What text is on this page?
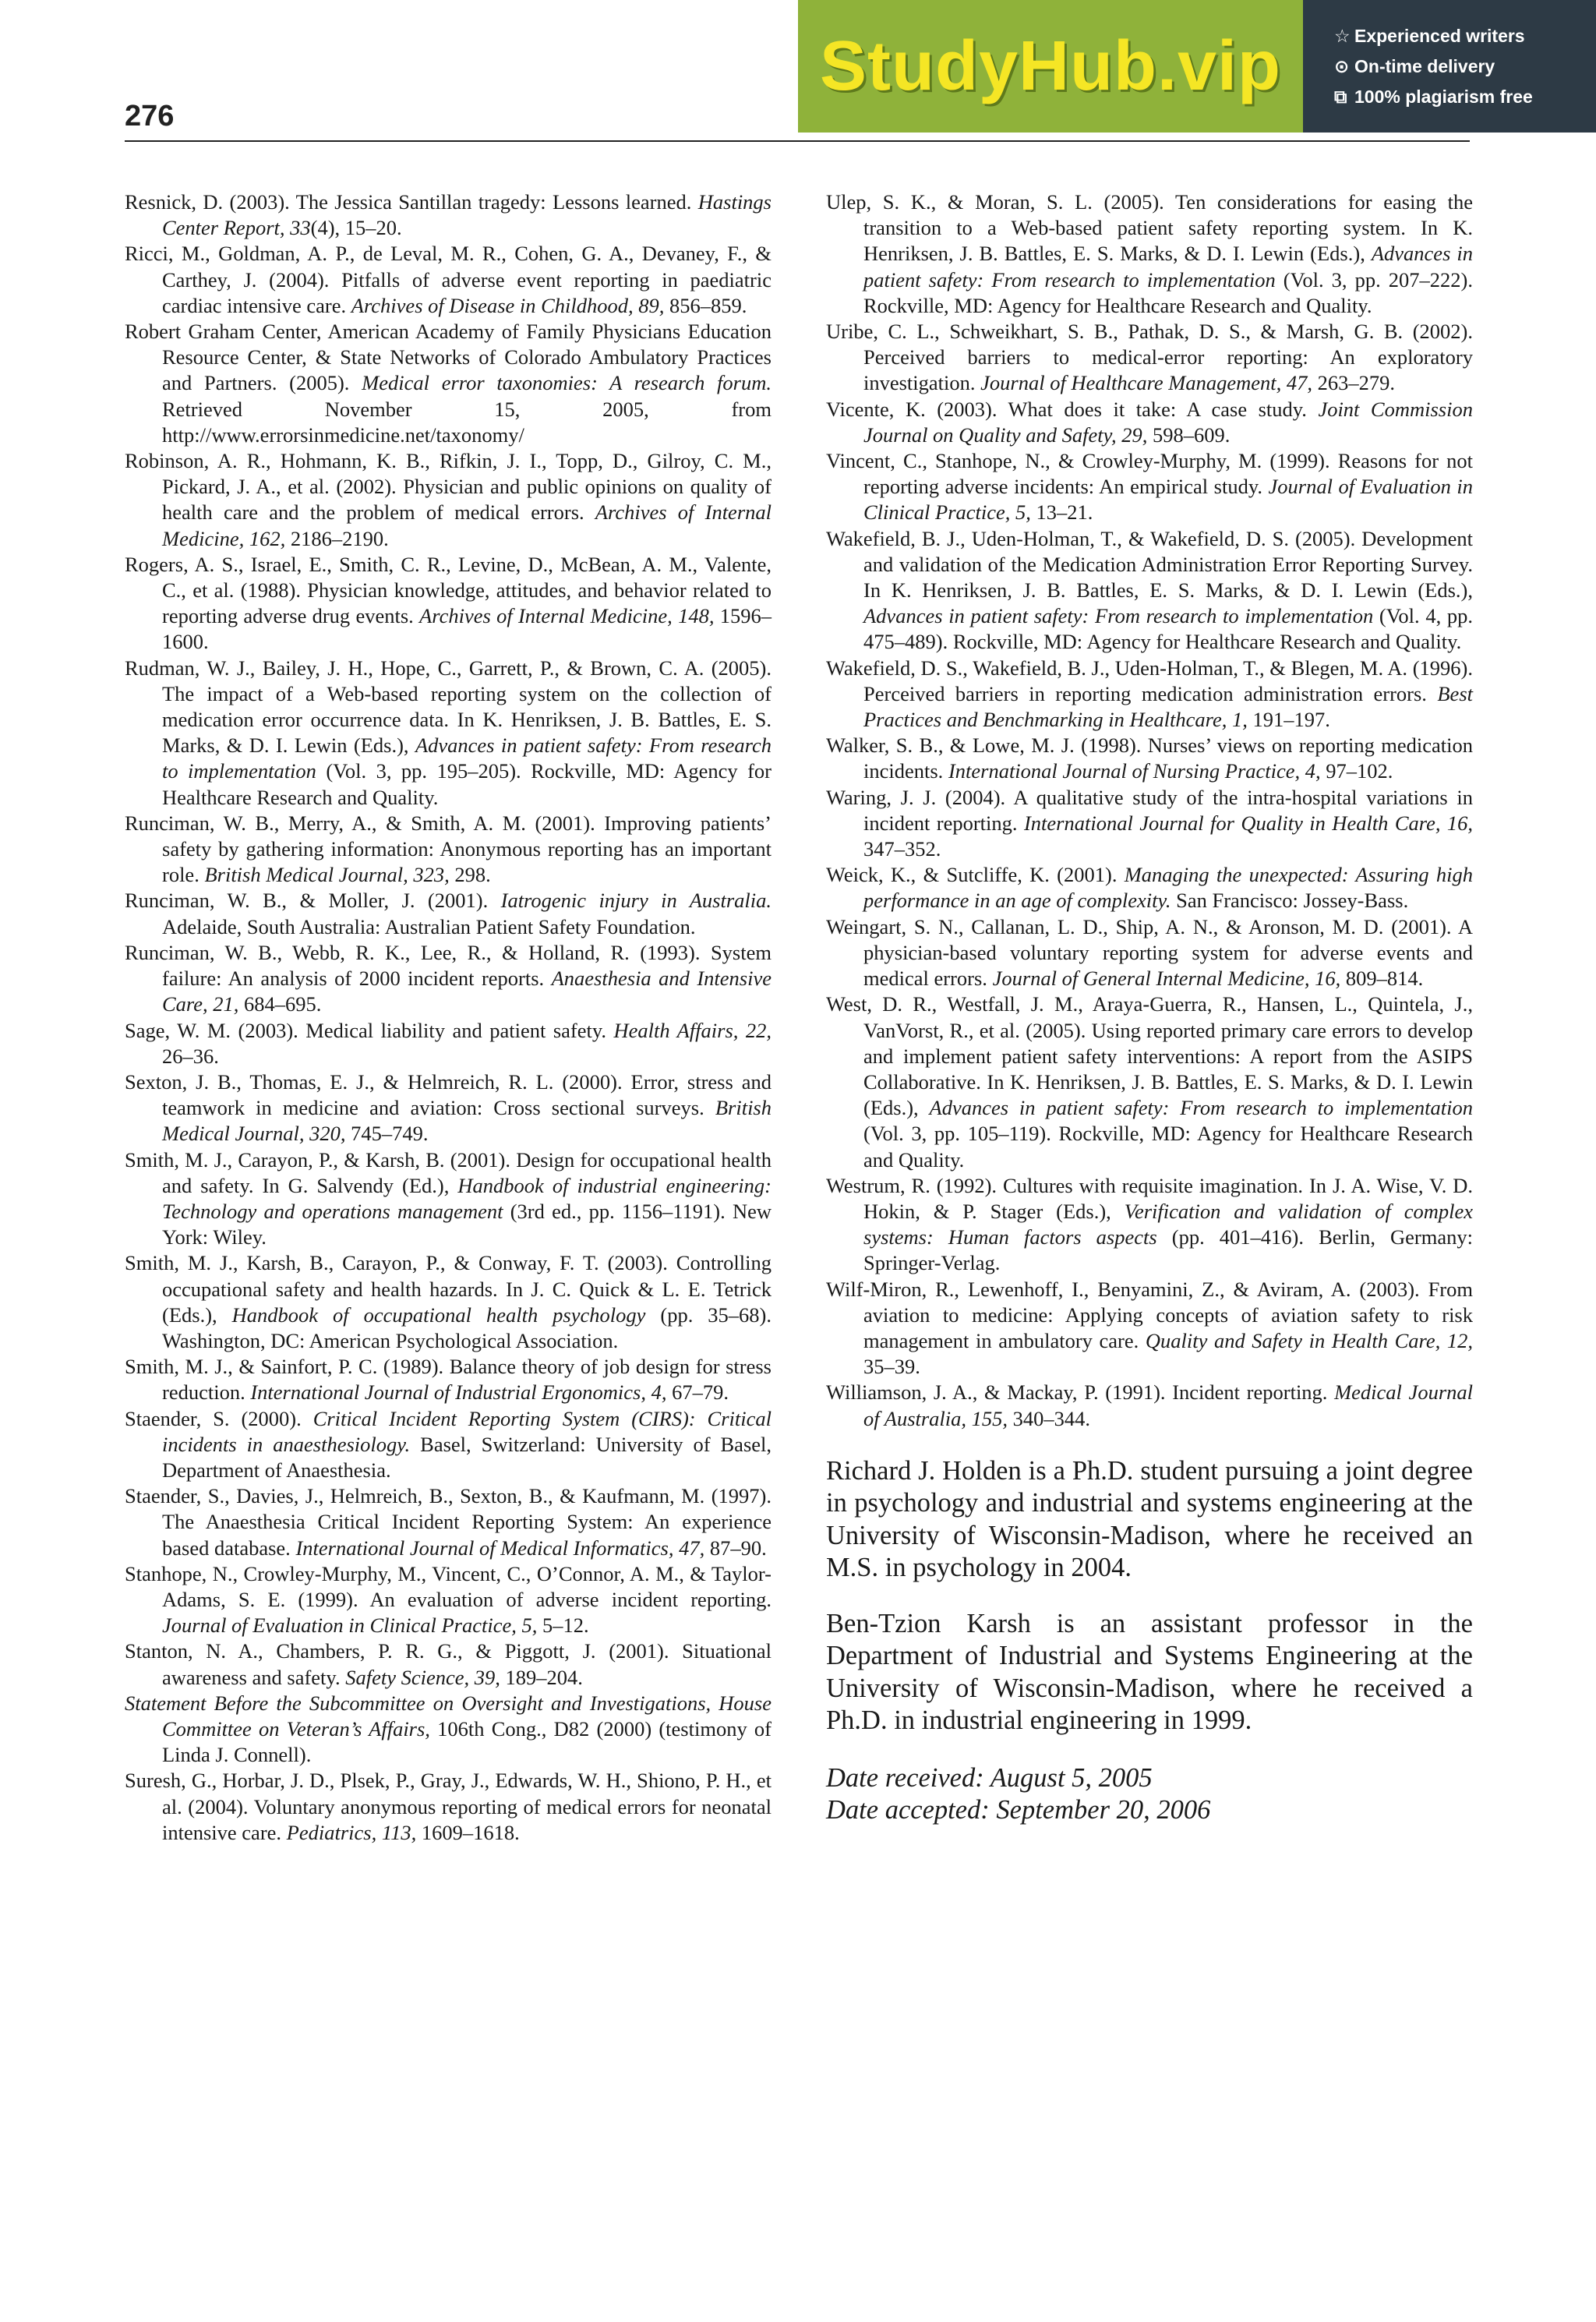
276
StudyHub.vip	☆ Experienced writers
⊙ On-time delivery
⧉ 100% plagiarism free

Resnick, D. (2003). The Jessica Santillan tragedy: Lessons learned. Hastings Center Report, 33(4), 15–20.

Ricci, M., Goldman, A. P., de Leval, M. R., Cohen, G. A., Devaney, F., & Carthey, J. (2004). Pitfalls of adverse event reporting in paediatric cardiac intensive care. Archives of Disease in Childhood, 89, 856–859.

Robert Graham Center, American Academy of Family Physicians Education Resource Center, & State Networks of Colorado Ambulatory Practices and Partners. (2005). Medical error taxonomies: A research forum. Retrieved November 15, 2005, from http://www.errorsinmedicine.net/taxonomy/

Robinson, A. R., Hohmann, K. B., Rifkin, J. I., Topp, D., Gilroy, C. M., Pickard, J. A., et al. (2002). Physician and public opinions on quality of health care and the problem of medical errors. Archives of Internal Medicine, 162, 2186–2190.

Rogers, A. S., Israel, E., Smith, C. R., Levine, D., McBean, A. M., Valente, C., et al. (1988). Physician knowledge, attitudes, and behavior related to reporting adverse drug events. Archives of Internal Medicine, 148, 1596–1600.

Rudman, W. J., Bailey, J. H., Hope, C., Garrett, P., & Brown, C. A. (2005). The impact of a Web-based reporting system on the collection of medication error occurrence data. In K. Henriksen, J. B. Battles, E. S. Marks, & D. I. Lewin (Eds.), Advances in patient safety: From research to implementation (Vol. 3, pp. 195–205). Rockville, MD: Agency for Healthcare Research and Quality.

Runciman, W. B., Merry, A., & Smith, A. M. (2001). Improving patients’ safety by gathering information: Anonymous reporting has an important role. British Medical Journal, 323, 298.

Runciman, W. B., & Moller, J. (2001). Iatrogenic injury in Australia. Adelaide, South Australia: Australian Patient Safety Foundation.

Runciman, W. B., Webb, R. K., Lee, R., & Holland, R. (1993). System failure: An analysis of 2000 incident reports. Anaesthesia and Intensive Care, 21, 684–695.

Sage, W. M. (2003). Medical liability and patient safety. Health Affairs, 22, 26–36.

Sexton, J. B., Thomas, E. J., & Helmreich, R. L. (2000). Error, stress and teamwork in medicine and aviation: Cross sectional surveys. British Medical Journal, 320, 745–749.

Smith, M. J., Carayon, P., & Karsh, B. (2001). Design for occupational health and safety. In G. Salvendy (Ed.), Handbook of industrial engineering: Technology and operations management (3rd ed., pp. 1156–1191). New York: Wiley.

Smith, M. J., Karsh, B., Carayon, P., & Conway, F. T. (2003). Controlling occupational safety and health hazards. In J. C. Quick & L. E. Tetrick (Eds.), Handbook of occupational health psychology (pp. 35–68). Washington, DC: American Psychological Association.

Smith, M. J., & Sainfort, P. C. (1989). Balance theory of job design for stress reduction. International Journal of Industrial Ergonomics, 4, 67–79.

Staender, S. (2000). Critical Incident Reporting System (CIRS): Critical incidents in anaesthesiology. Basel, Switzerland: University of Basel, Department of Anaesthesia.

Staender, S., Davies, J., Helmreich, B., Sexton, B., & Kaufmann, M. (1997). The Anaesthesia Critical Incident Reporting System: An experience based database. International Journal of Medical Informatics, 47, 87–90.

Stanhope, N., Crowley-Murphy, M., Vincent, C., O’Connor, A. M., & Taylor-Adams, S. E. (1999). An evaluation of adverse incident reporting. Journal of Evaluation in Clinical Practice, 5, 5–12.

Stanton, N. A., Chambers, P. R. G., & Piggott, J. (2001). Situational awareness and safety. Safety Science, 39, 189–204.

Statement Before the Subcommittee on Oversight and Investigations, House Committee on Veteran’s Affairs, 106th Cong., D82 (2000) (testimony of Linda J. Connell).

Suresh, G., Horbar, J. D., Plsek, P., Gray, J., Edwards, W. H., Shiono, P. H., et al. (2004). Voluntary anonymous reporting of medical errors for neonatal intensive care. Pediatrics, 113, 1609–1618.

Ulep, S. K., & Moran, S. L. (2005). Ten considerations for easing the transition to a Web-based patient safety reporting system. In K. Henriksen, J. B. Battles, E. S. Marks, & D. I. Lewin (Eds.), Advances in patient safety: From research to implementation (Vol. 3, pp. 207–222). Rockville, MD: Agency for Healthcare Research and Quality.

Uribe, C. L., Schweikhart, S. B., Pathak, D. S., & Marsh, G. B. (2002). Perceived barriers to medical-error reporting: An exploratory investigation. Journal of Healthcare Management, 47, 263–279.

Vicente, K. (2003). What does it take: A case study. Joint Commission Journal on Quality and Safety, 29, 598–609.

Vincent, C., Stanhope, N., & Crowley-Murphy, M. (1999). Reasons for not reporting adverse incidents: An empirical study. Journal of Evaluation in Clinical Practice, 5, 13–21.

Wakefield, B. J., Uden-Holman, T., & Wakefield, D. S. (2005). Development and validation of the Medication Administration Error Reporting Survey. In K. Henriksen, J. B. Battles, E. S. Marks, & D. I. Lewin (Eds.), Advances in patient safety: From research to implementation (Vol. 4, pp. 475–489). Rockville, MD: Agency for Healthcare Research and Quality.

Wakefield, D. S., Wakefield, B. J., Uden-Holman, T., & Blegen, M. A. (1996). Perceived barriers in reporting medication administration errors. Best Practices and Benchmarking in Healthcare, 1, 191–197.

Walker, S. B., & Lowe, M. J. (1998). Nurses’ views on reporting medication incidents. International Journal of Nursing Practice, 4, 97–102.

Waring, J. J. (2004). A qualitative study of the intra-hospital variations in incident reporting. International Journal for Quality in Health Care, 16, 347–352.

Weick, K., & Sutcliffe, K. (2001). Managing the unexpected: Assuring high performance in an age of complexity. San Francisco: Jossey-Bass.

Weingart, S. N., Callanan, L. D., Ship, A. N., & Aronson, M. D. (2001). A physician-based voluntary reporting system for adverse events and medical errors. Journal of General Internal Medicine, 16, 809–814.

West, D. R., Westfall, J. M., Araya-Guerra, R., Hansen, L., Quintela, J., VanVorst, R., et al. (2005). Using reported primary care errors to develop and implement patient safety interventions: A report from the ASIPS Collaborative. In K. Henriksen, J. B. Battles, E. S. Marks, & D. I. Lewin (Eds.), Advances in patient safety: From research to implementation (Vol. 3, pp. 105–119). Rockville, MD: Agency for Healthcare Research and Quality.

Westrum, R. (1992). Cultures with requisite imagination. In J. A. Wise, V. D. Hokin, & P. Stager (Eds.), Verification and validation of complex systems: Human factors aspects (pp. 401–416). Berlin, Germany: Springer-Verlag.

Wilf-Miron, R., Lewenhoff, I., Benyamini, Z., & Aviram, A. (2003). From aviation to medicine: Applying concepts of aviation safety to risk management in ambulatory care. Quality and Safety in Health Care, 12, 35–39.

Williamson, J. A., & Mackay, P. (1991). Incident reporting. Medical Journal of Australia, 155, 340–344.

Richard J. Holden is a Ph.D. student pursuing a joint degree in psychology and industrial and systems engineering at the University of Wisconsin-Madison, where he received an M.S. in psychology in 2004.

Ben-Tzion Karsh is an assistant professor in the Department of Industrial and Systems Engineering at the University of Wisconsin-Madison, where he received a Ph.D. in industrial engineering in 1999.

Date received: August 5, 2005
Date accepted: September 20, 2006
